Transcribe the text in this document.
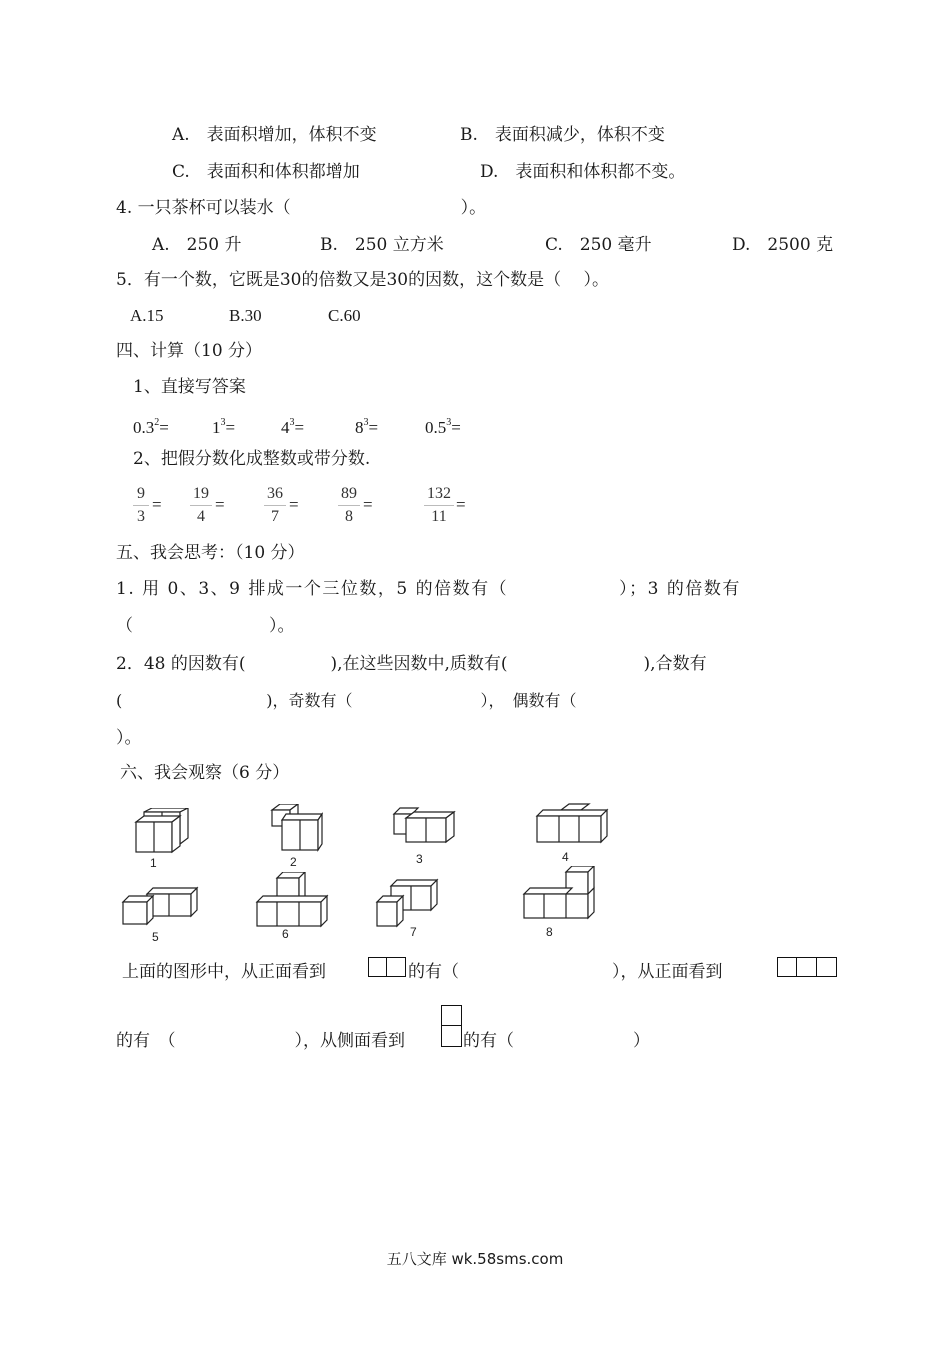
A.　表面积增加，体积不变	B.　表面积减少，体积不变
C.　表面积和体积都增加	D.　表面积和体积都不变。
4. 一只茶杯可以装水（　　　　　　　　　　）。
A.　250 升	B.　250 立方米	C.　250 毫升	D.　2500 克
5．有一个数，它既是30的倍数又是30的因数，这个数是（　 ）。
A.15	B.30	C.60
四、计算（10 分）
1、直接写答案
$0.3^2=$	$1^3=$	$4^3=$	$8^3=$	$0.5^3=$
2、把假分数化成整数或带分数.
9
3
=
19
4
=
36
7
=
89
8
=
132
11
=
五、我会思考：（10 分）
1. 用 0、3、9 排成一个三位数，5 的倍数有（　　　　　　）；3 的倍数有
（　　　　　　　　）。
2．48 的因数有(　　　　　),在这些因数中,质数有(　　　　　　　　),合数有
(　　　　　　　　　)，奇数有（　　　　　　　　），　偶数有（
）。
六、我会观察（6 分）
1	2	3	4
5	6	7	8
上面的图形中，从正面看到	的有（　　　　　　　　　），从正面看到
的有　（　　　　　　　），从侧面看到	的有（　　　　　　　）
五八文库 wk.58sms.com
